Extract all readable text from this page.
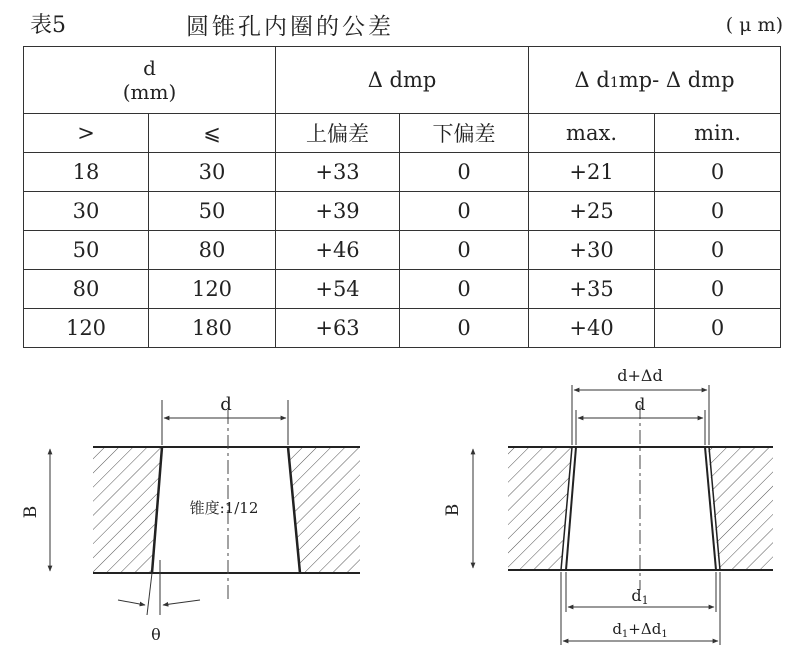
表5	圆锥孔内圈的公差	( μ m)
d
(mm)		Δ dmp		Δ d1mp- Δ dmp	
>	⩽	上偏差	下偏差	max.	min.
18	30	+33	0	+21	0
30	50	+39	0	+25	0
50	80	+46	0	+30	0
80	120	+54	0	+35	0
120	180	+63	0	+40	0
d
B	锥度:1/12
θ
d+Δd
d
B
d1
$d_1+\Delta d_1$
